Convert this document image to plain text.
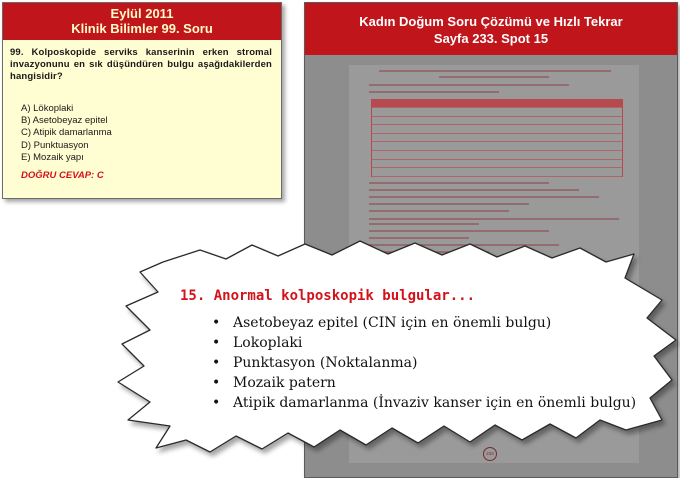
Eylül 2011
Klinik Bilimler 99. Soru
99. Kolposkopide serviks kanserinin erken stromal invazyonunu en sık düşündüren bulgu aşağıdakilerden hangisidir?
A) Lökoplaki
B) Asetobeyaz epitel
C) Atipik damarlanma
D) Punktuasyon
E) Mozaik yapı
DOĞRU CEVAP: C
Kadın Doğum Soru Çözümü ve Hızlı Tekrar
Sayfa 233. Spot 15

233
15. Anormal kolposkopik bulgular...
• Asetobeyaz epitel (CIN için en önemli bulgu)
• Lokoplaki
• Punktasyon (Noktalanma)
• Mozaik patern
• Atipik damarlanma (İnvaziv kanser için en önemli bulgu)
